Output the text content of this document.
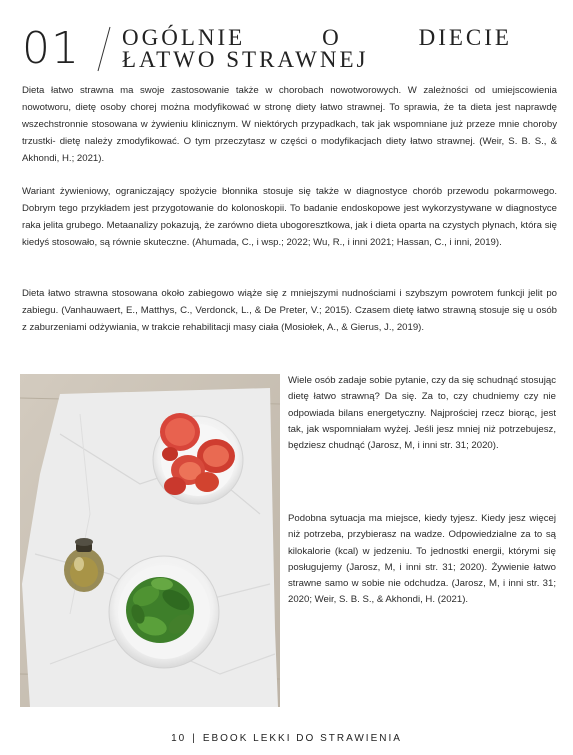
01 OGÓLNIE	O	DIECIE
ŁATWO STRAWNEJ

Dieta łatwo strawna ma swoje zastosowanie także w chorobach nowotworowych. W zależności od umiejscowienia nowotworu, dietę osoby chorej można modyfikować w stronę diety łatwo strawnej. To sprawia, że ta dieta jest naprawdę wszechstronnie stosowana w żywieniu klinicznym. W niektórych przypadkach, tak jak wspomniane już przeze mnie choroby trzustki- dietę należy zmodyfikować. O tym przeczytasz w części o modyfikacjach diety łatwo strawnej. (Weir, S. B. S., & Akhondi, H.; 2021).

Wariant żywieniowy, ograniczający spożycie błonnika stosuje się także w diagnostyce chorób przewodu pokarmowego. Dobrym tego przykładem jest przygotowanie do kolonoskopii. To badanie endoskopowe jest wykorzystywane w diagnostyce raka jelita grubego. Metaanalizy pokazują, że zarówno dieta ubogoresztkowa, jak i dieta oparta na czystych płynach, która się kiedyś stosowało, są równie skuteczne. (Ahumada, C., i wsp.; 2022; Wu, R., i inni 2021; Hassan, C., i inni, 2019).

Dieta łatwo strawna stosowana około zabiegowo wiąże się z mniejszymi nudnościami i szybszym powrotem funkcji jelit po zabiegu. (Vanhauwaert, E., Matthys, C., Verdonck, L., & De Preter, V.; 2015). Czasem dietę łatwo strawną stosuje się u osób z zaburzeniami odżywiania, w trakcie rehabilitacji masy ciała (Mosiołek, A., & Gierus, J., 2019).

Wiele osób zadaje sobie pytanie, czy da się schudnąć stosując dietę łatwo strawną? Da się. Za to, czy chudniemy czy nie odpowiada bilans energetyczny. Najprościej rzecz biorąc, jest tak, jak wspomniałam wyżej. Jeśli jesz mniej niż potrzebujesz, będziesz chudnąć (Jarosz, M, i inni str. 31; 2020).

Podobna sytuacja ma miejsce, kiedy tyjesz. Kiedy jesz więcej niż potrzeba, przybierasz na wadze. Odpowiedzialne za to są kilokalorie (kcal) w jedzeniu. To jednostki energii, którymi się posługujemy (Jarosz, M, i inni str. 31; 2020). Żywienie łatwo strawne samo w sobie nie odchudza. (Jarosz, M, i inni str. 31; 2020; Weir, S. B. S., & Akhondi, H. (2021).

10 | EBOOK LEKKI DO STRAWIENIA
